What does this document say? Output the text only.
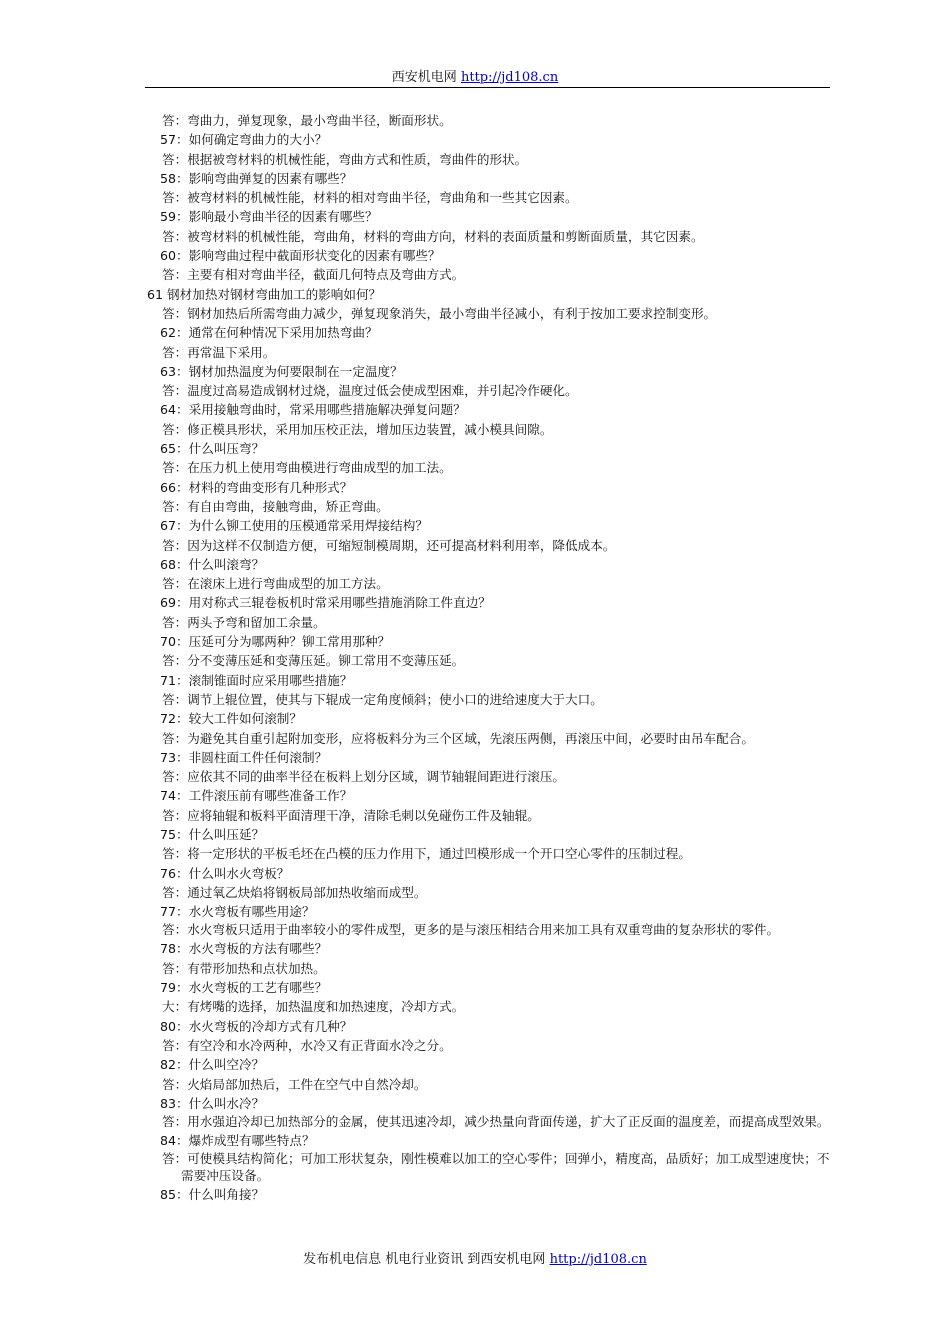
西安机电网 http://jd108.cn
答：弯曲力，弹复现象，最小弯曲半径，断面形状。
57：如何确定弯曲力的大小？
答：根据被弯材料的机械性能，弯曲方式和性质，弯曲件的形状。
58：影响弯曲弹复的因素有哪些？
答：被弯材料的机械性能，材料的相对弯曲半径，弯曲角和一些其它因素。
59：影响最小弯曲半径的因素有哪些？
答：被弯材料的机械性能，弯曲角，材料的弯曲方向，材料的表面质量和剪断面质量，其它因素。
60：影响弯曲过程中截面形状变化的因素有哪些？
答：主要有相对弯曲半径，截面几何特点及弯曲方式。
61 钢材加热对钢材弯曲加工的影响如何？
答：钢材加热后所需弯曲力减少，弹复现象消失，最小弯曲半径减小，有利于按加工要求控制变形。
62：通常在何种情况下采用加热弯曲？
答：再常温下采用。
63：钢材加热温度为何要限制在一定温度？
答：温度过高易造成钢材过烧，温度过低会使成型困难，并引起冷作硬化。
64：采用接触弯曲时，常采用哪些措施解决弹复问题？
答：修正模具形状，采用加压校正法，增加压边装置，减小模具间隙。
65：什么叫压弯？
答：在压力机上使用弯曲模进行弯曲成型的加工法。
66：材料的弯曲变形有几种形式？
答：有自由弯曲，接触弯曲，矫正弯曲。
67：为什么铆工使用的压模通常采用焊接结构？
答：因为这样不仅制造方便，可缩短制模周期，还可提高材料利用率，降低成本。
68：什么叫滚弯？
答：在滚床上进行弯曲成型的加工方法。
69：用对称式三辊卷板机时常采用哪些措施消除工件直边？
答：两头予弯和留加工余量。
70：压延可分为哪两种？铆工常用那种？
答：分不变薄压延和变薄压延。铆工常用不变薄压延。
71：滚制锥面时应采用哪些措施？
答：调节上辊位置，使其与下辊成一定角度倾斜；使小口的进给速度大于大口。
72：较大工件如何滚制？
答：为避免其自重引起附加变形，应将板料分为三个区域，先滚压两侧，再滚压中间，必要时由吊车配合。
73：非圆柱面工件任何滚制？
答：应依其不同的曲率半径在板料上划分区域，调节轴辊间距进行滚压。
74：工件滚压前有哪些准备工作？
答：应将轴辊和板料平面清理干净，清除毛刺以免碰伤工件及轴辊。
75：什么叫压延？
答：将一定形状的平板毛坯在凸模的压力作用下，通过凹模形成一个开口空心零件的压制过程。
76：什么叫水火弯板？
答：通过氧乙炔焰将钢板局部加热收缩而成型。
77：水火弯板有哪些用途？
答：水火弯板只适用于曲率较小的零件成型，更多的是与滚压相结合用来加工具有双重弯曲的复杂形状的零件。
78：水火弯板的方法有哪些？
答：有带形加热和点状加热。
79：水火弯板的工艺有哪些？
大：有烤嘴的选择，加热温度和加热速度，冷却方式。
80：水火弯板的冷却方式有几种？
答：有空冷和水冷两种，水冷又有正背面水冷之分。
82：什么叫空冷？
答：火焰局部加热后，工件在空气中自然冷却。
83：什么叫水冷？
答：用水强迫冷却已加热部分的金属，使其迅速冷却，减少热量向背面传递，扩大了正反面的温度差，而提高成型效果。
84：爆炸成型有哪些特点？
答：可使模具结构简化；可加工形状复杂，刚性模难以加工的空心零件；回弹小，精度高，品质好；加工成型速度快；不需要冲压设备。
85：什么叫角接？
发布机电信息 机电行业资讯 到西安机电网 http://jd108.cn
